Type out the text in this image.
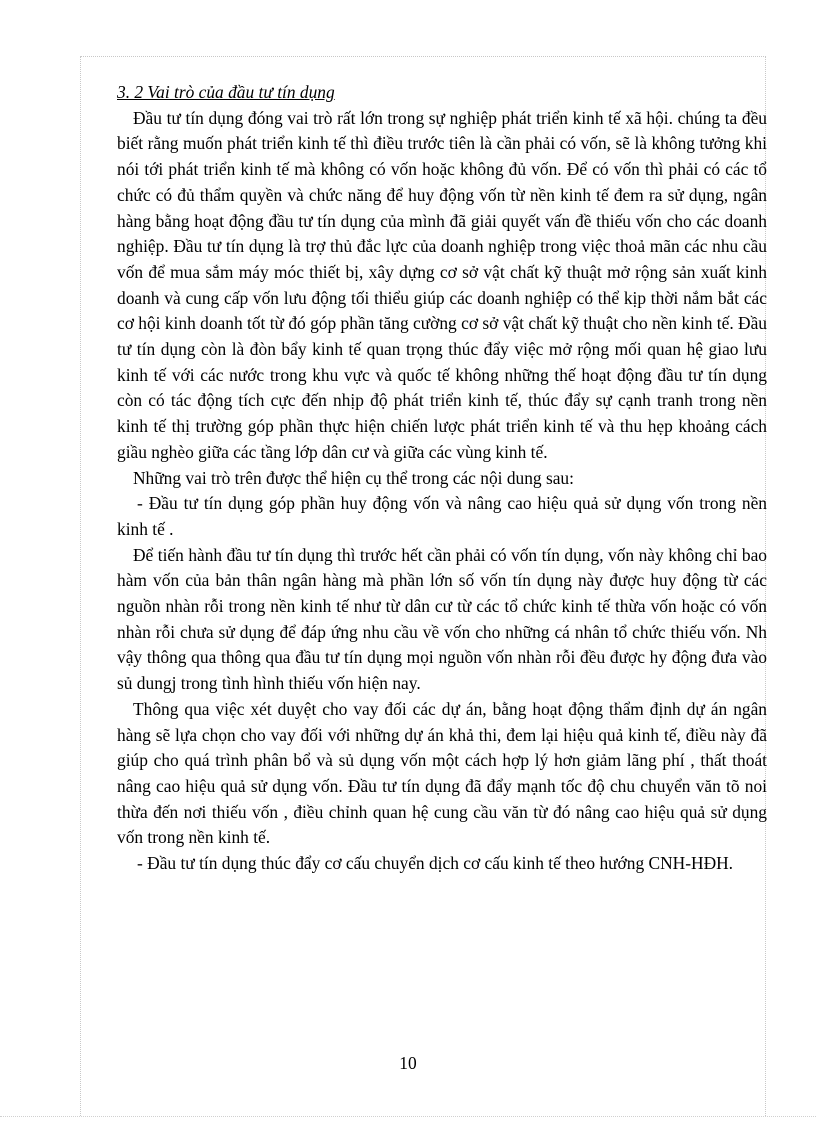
3. 2 Vai trò của đầu tư tín dụng

Đầu tư tín dụng đóng vai trò rất lớn trong sự nghiệp phát triển kinh tế xã hội. chúng ta đều biết rằng muốn phát triển kinh tế thì điều trước tiên là cần phải có vốn, sẽ là không tưởng khi nói tới phát triển kinh tế mà không có vốn hoặc không đủ vốn. Để có vốn thì phải có các tổ chức có đủ thẩm quyền và chức năng để huy động vốn từ nền kinh tế đem ra sử dụng, ngân hàng bằng hoạt động đầu tư tín dụng của mình đã giải quyết vấn đề thiếu vốn cho các doanh nghiệp. Đầu tư tín dụng là trợ thủ đắc lực của doanh nghiệp trong việc thoả mãn các nhu cầu vốn để mua sắm máy móc thiết bị, xây dựng cơ sở vật chất kỹ thuật mở rộng sản xuất kinh doanh và cung cấp vốn lưu động tối thiểu giúp các doanh nghiệp có thể kịp thời nắm bắt các cơ hội kinh doanh tốt từ đó góp phần tăng cường cơ sở vật chất kỹ thuật cho nền kinh tế. Đầu tư tín dụng còn là đòn bẩy kinh tế quan trọng thúc đẩy việc mở rộng mối quan hệ giao lưu kinh tế với các nước trong khu vực và quốc tế không những thế hoạt động đầu tư tín dụng còn có tác động tích cực đến nhịp độ phát triển kinh tế, thúc đẩy sự cạnh tranh trong nền kinh tế thị trường góp phần thực hiện chiến lược phát triển kinh tế và thu hẹp khoảng cách giầu nghèo giữa các tầng lớp dân cư và giữa các vùng kinh tế.

Những vai trò trên được thể hiện cụ thể trong các nội dung sau:

- Đầu tư tín dụng góp phần huy động vốn và nâng cao hiệu quả sử dụng vốn trong nền kinh tế .

Để tiến hành đầu tư tín dụng thì trước hết cần phải có vốn tín dụng, vốn này không chỉ bao hàm vốn của bản thân ngân hàng mà phần lớn số vốn tín dụng này được huy động từ các nguồn nhàn rỗi trong nền kinh tế như từ dân cư từ các tổ chức kinh tế thừa vốn hoặc có vốn nhàn rỗi chưa sử dụng để đáp ứng nhu cầu về vốn cho những cá nhân tổ chức thiếu vốn. Nh vậy thông qua thông qua đầu tư tín dụng mọi nguồn vốn nhàn rỗi đều được hy động đưa vào sủ dungj trong tình hình thiếu vốn hiện nay.

Thông qua việc xét duyệt cho vay đối các dự án, bằng hoạt động thẩm định dự án ngân hàng sẽ lựa chọn cho vay đối với những dự án khả thi, đem lại hiệu quả kinh tế, điều này đã giúp cho quá trình phân bổ và sủ dụng vốn một cách hợp lý hơn giảm lãng phí , thất thoát nâng cao hiệu quả sử dụng vốn. Đầu tư tín dụng đã đẩy mạnh tốc độ chu chuyển văn tõ noi thừa đến nơi thiếu vốn , điều chỉnh quan hệ cung cầu văn từ đó nâng cao hiệu quả sử dụng vốn trong nền kinh tế.

- Đầu tư tín dụng thúc đẩy cơ cấu chuyển dịch cơ cấu kinh tế theo hướng CNH-HĐH.

10
